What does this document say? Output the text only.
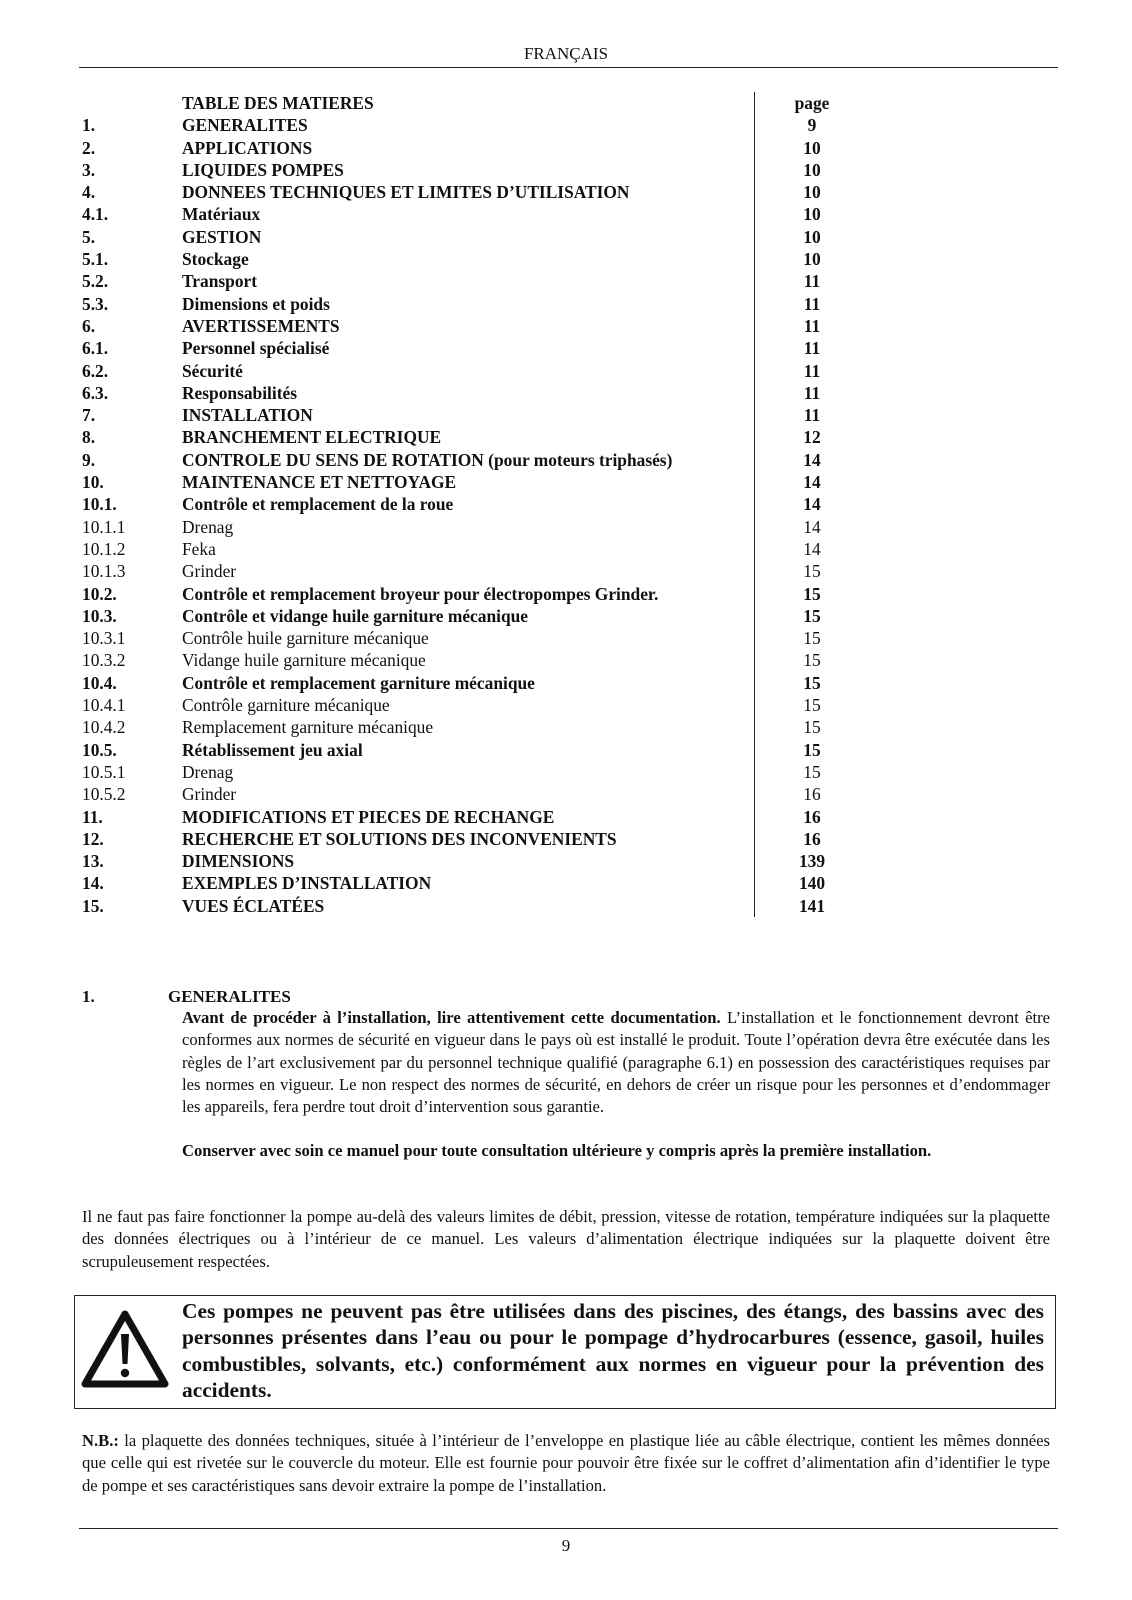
FRANÇAIS
TABLE DES MATIERES	page
1.	GENERALITES	9
2.	APPLICATIONS	10
3.	LIQUIDES POMPES	10
4.	DONNEES TECHNIQUES ET LIMITES D’UTILISATION	10
4.1.	Matériaux	10
5.	GESTION	10
5.1.	Stockage	10
5.2.	Transport	11
5.3.	Dimensions et poids	11
6.	AVERTISSEMENTS	11
6.1.	Personnel spécialisé	11
6.2.	Sécurité	11
6.3.	Responsabilités	11
7.	INSTALLATION	11
8.	BRANCHEMENT ELECTRIQUE	12
9.	CONTROLE DU SENS DE ROTATION (pour moteurs triphasés)	14
10.	MAINTENANCE ET NETTOYAGE	14
10.1.	Contrôle et remplacement de la roue	14
10.1.1	Drenag	14
10.1.2	Feka	14
10.1.3	Grinder	15
10.2.	Contrôle et remplacement broyeur pour électropompes Grinder.	15
10.3.	Contrôle et vidange huile garniture mécanique	15
10.3.1	Contrôle huile garniture mécanique	15
10.3.2	Vidange huile garniture mécanique	15
10.4.	Contrôle et remplacement garniture mécanique	15
10.4.1	Contrôle garniture mécanique	15
10.4.2	Remplacement garniture mécanique	15
10.5.	Rétablissement jeu axial	15
10.5.1	Drenag	15
10.5.2	Grinder	16
11.	MODIFICATIONS ET PIECES DE RECHANGE	16
12.	RECHERCHE ET SOLUTIONS DES INCONVENIENTS	16
13.	DIMENSIONS	139
14.	EXEMPLES D’INSTALLATION	140
15.	VUES ÉCLATÉES	141
1.	GENERALITES
Avant de procéder à l’installation, lire attentivement cette documentation. L’installation et le fonctionnement devront être conformes aux normes de sécurité en vigueur dans le pays où est installé le produit. Toute l’opération devra être exécutée dans les règles de l’art exclusivement par du personnel technique qualifié (paragraphe 6.1) en possession des caractéristiques requises par les normes en vigueur. Le non respect des normes de sécurité, en dehors de créer un risque pour les personnes et d’endommager les appareils, fera perdre tout droit d’intervention sous garantie.
Conserver avec soin ce manuel pour toute consultation ultérieure y compris après la première installation.
Il ne faut pas faire fonctionner la pompe au-delà des valeurs limites de débit, pression, vitesse de rotation, température indiquées sur la plaquette des données électriques ou à l’intérieur de ce manuel. Les valeurs d’alimentation électrique indiquées sur la plaquette doivent être scrupuleusement respectées.
Ces pompes ne peuvent pas être utilisées dans des piscines, des étangs, des bassins avec des personnes présentes dans l’eau ou pour le pompage d’hydrocarbures (essence, gasoil, huiles combustibles, solvants, etc.) conformément aux normes en vigueur pour la prévention des accidents.
N.B.: la plaquette des données techniques, située à l’intérieur de l’enveloppe en plastique liée au câble électrique, contient les mêmes données que celle qui est rivetée sur le couvercle du moteur. Elle est fournie pour pouvoir être fixée sur le coffret d’alimentation afin d’identifier le type de pompe et ses caractéristiques sans devoir extraire la pompe de l’installation.
9
